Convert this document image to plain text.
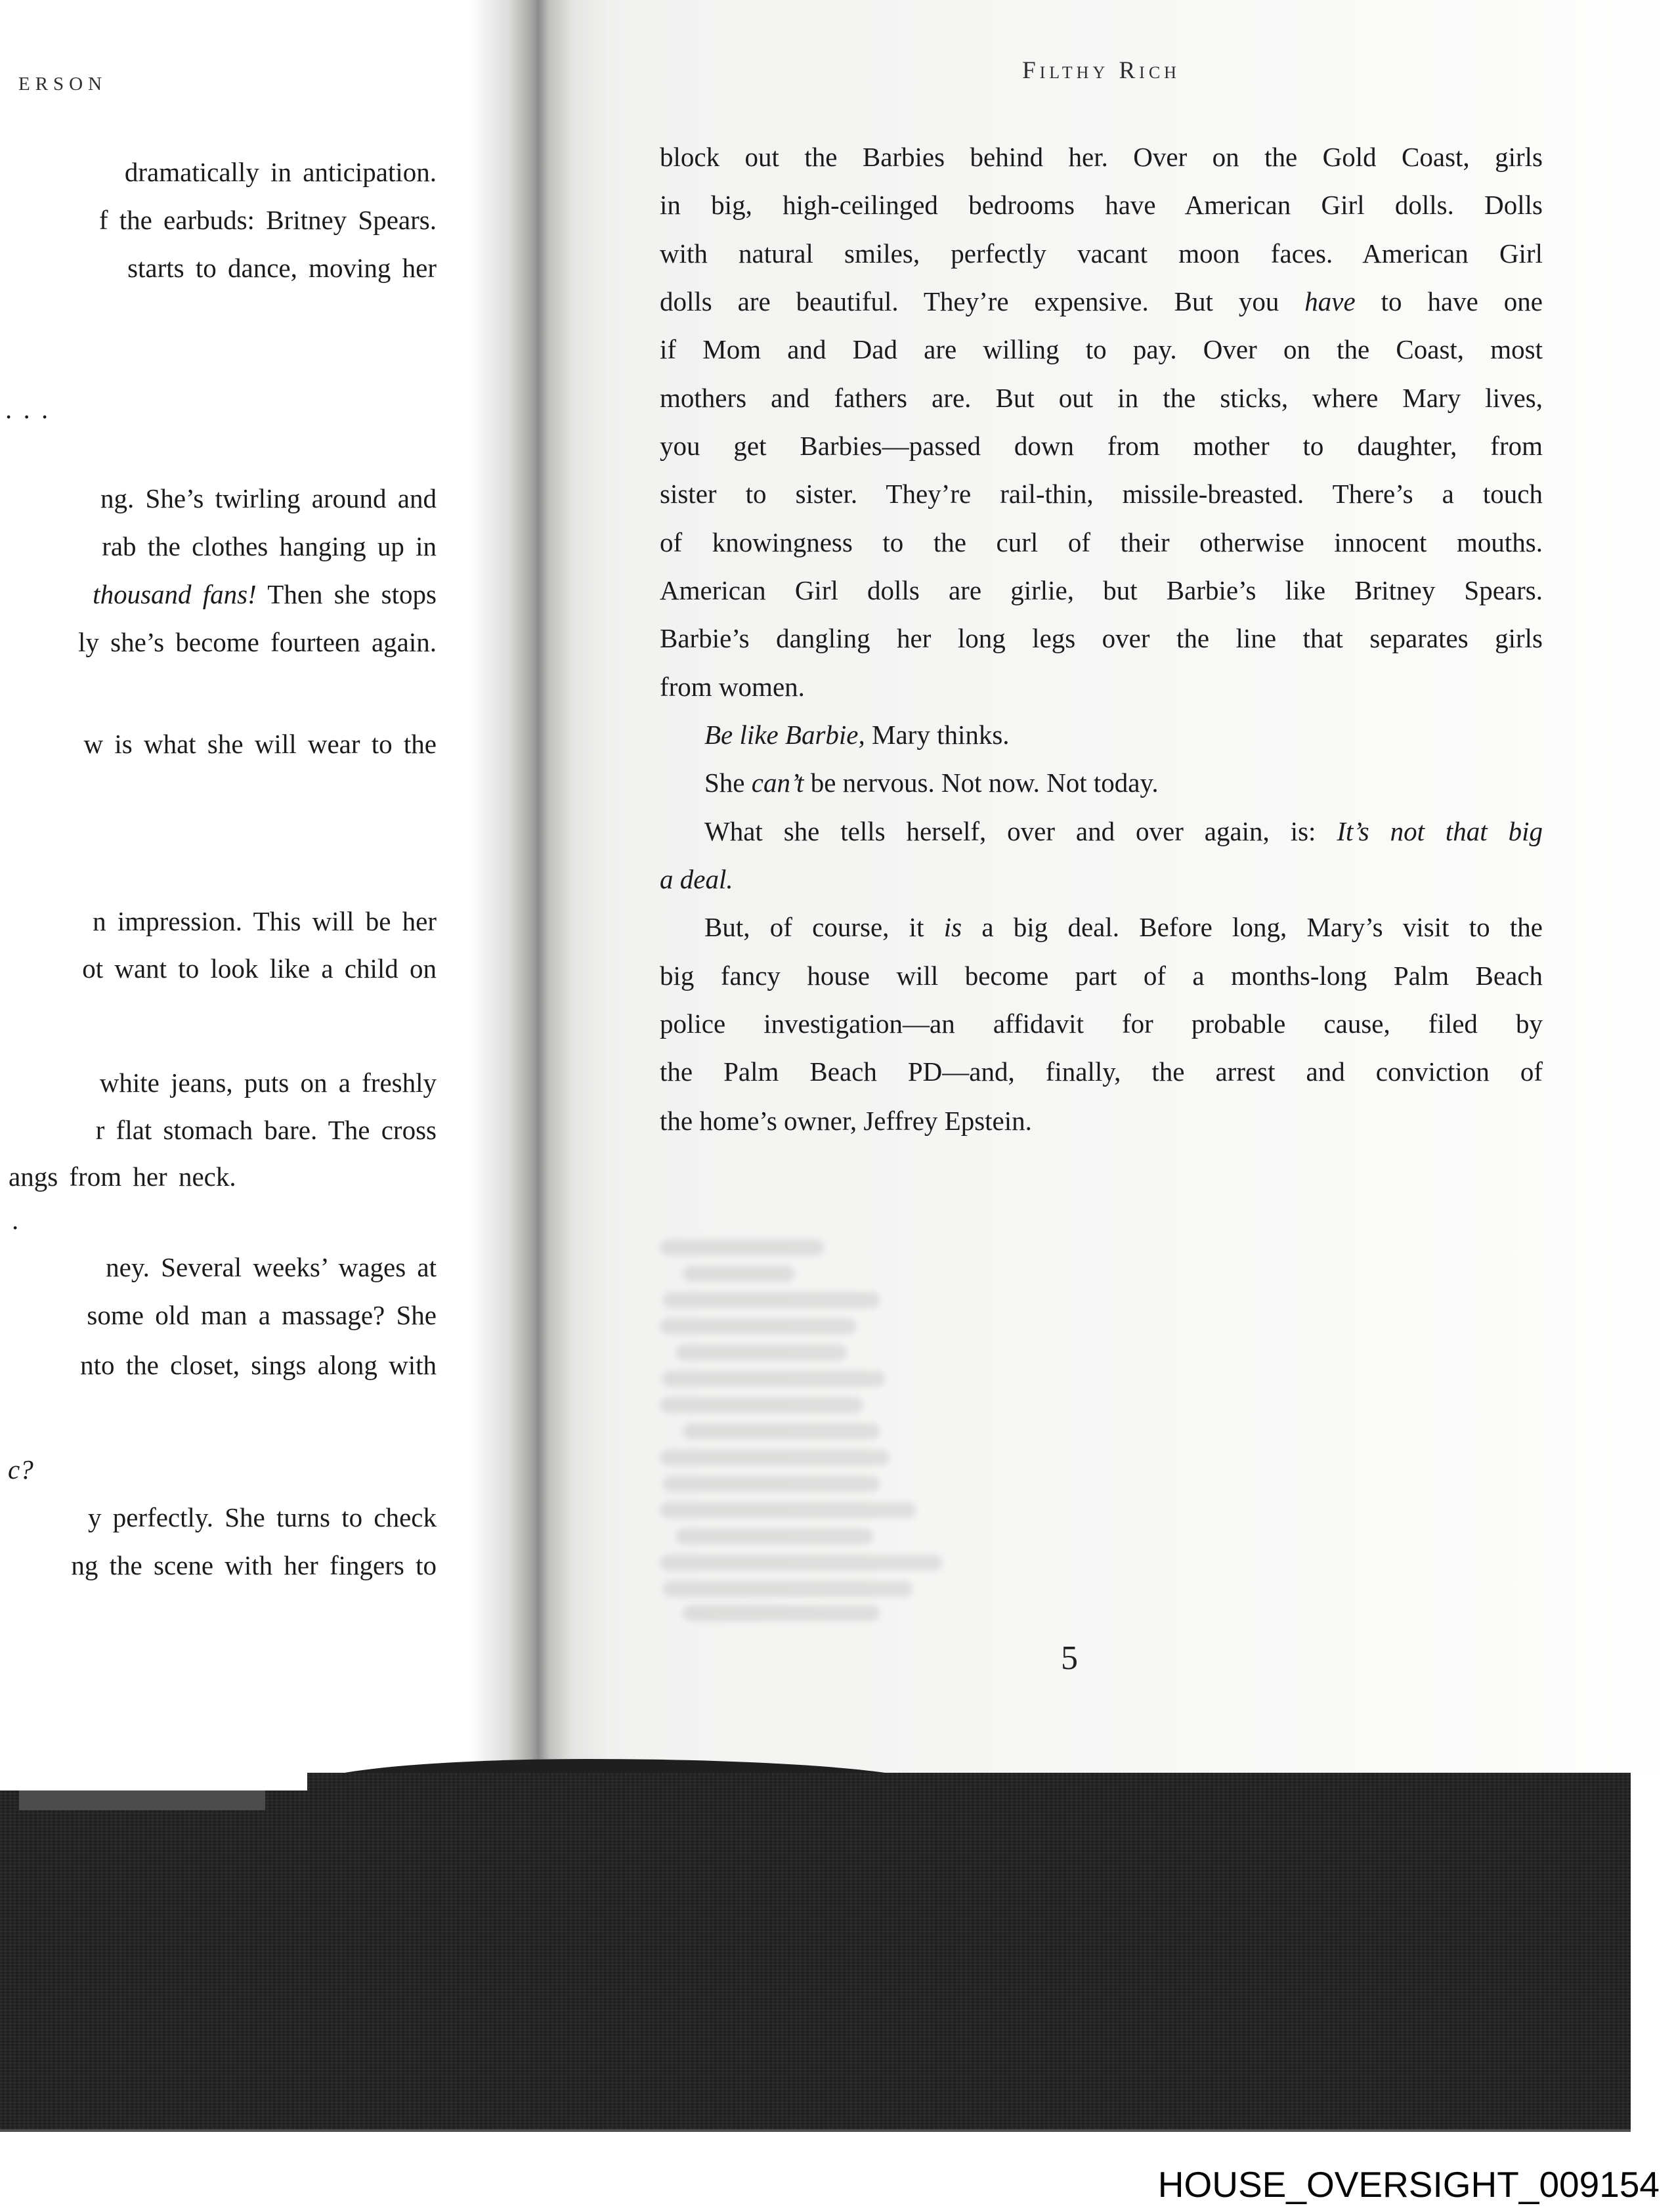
ERSON	Filthy Rich
dramatically in anticipation.
f the earbuds: Britney Spears.
starts to dance, moving her
. . .
ng. She’s twirling around and
rab the clothes hanging up in
thousand fans! Then she stops
ly she’s become fourteen again.
w is what she will wear to the
n impression. This will be her
ot want to look like a child on
white jeans, puts on a freshly
r flat stomach bare. The cross
angs from her neck.
.
ney. Several weeks’ wages at
some old man a massage? She
nto the closet, sings along with
c?
y perfectly. She turns to check
ng the scene with her fingers to
block out the Barbies behind her. Over on the Gold Coast, girls
in big, high-ceilinged bedrooms have American Girl dolls. Dolls
with natural smiles, perfectly vacant moon faces. American Girl
dolls are beautiful. They’re expensive. But you have to have one
if Mom and Dad are willing to pay. Over on the Coast, most
mothers and fathers are. But out in the sticks, where Mary lives,
you get Barbies—passed down from mother to daughter, from
sister to sister. They’re rail-thin, missile-breasted. There’s a touch
of knowingness to the curl of their otherwise innocent mouths.
American Girl dolls are girlie, but Barbie’s like Britney Spears.
Barbie’s dangling her long legs over the line that separates girls
from women.
Be like Barbie, Mary thinks.
She can’t be nervous. Not now. Not today.
What she tells herself, over and over again, is: It’s not that big
a deal.
But, of course, it is a big deal. Before long, Mary’s visit to the
big fancy house will become part of a months-long Palm Beach
police investigation—an affidavit for probable cause, filed by
the Palm Beach PD—and, finally, the arrest and conviction of
the home’s owner, Jeffrey Epstein.
5
HOUSE_OVERSIGHT_009154
